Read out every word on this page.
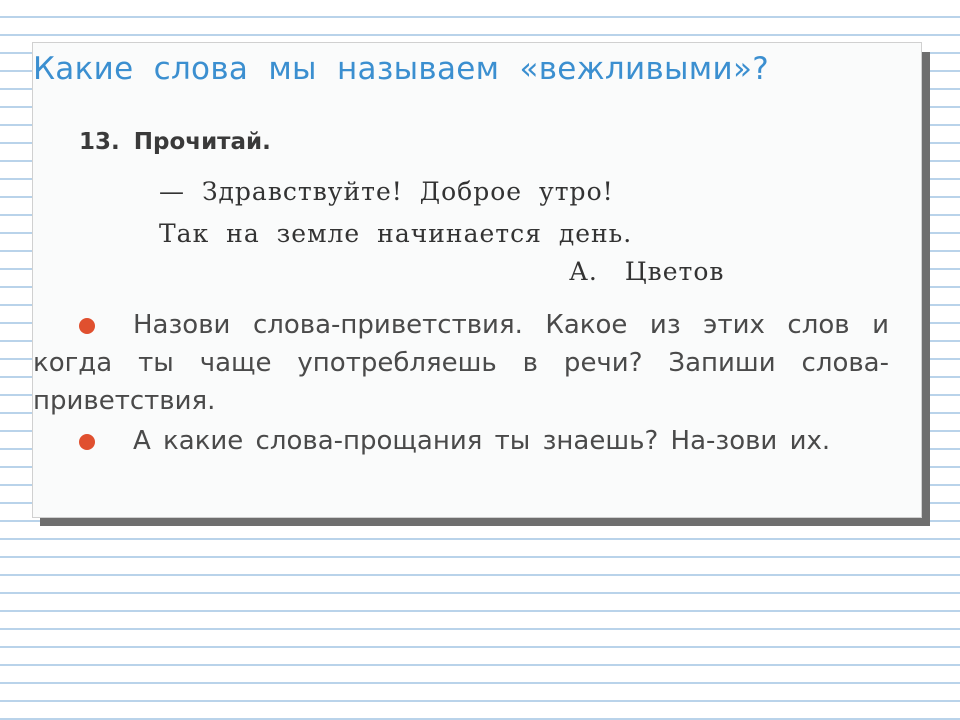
Какие слова мы называем «вежливыми»?
13. Прочитай.
— Здравствуйте! Доброе утро!
Так на земле начинается день.
А. Цветов
Назови слова-приветствия. Какое из этих слов и когда ты чаще употребляешь в речи? Запиши слова-приветствия.
А какие слова-прощания ты знаешь? На-зови их.
